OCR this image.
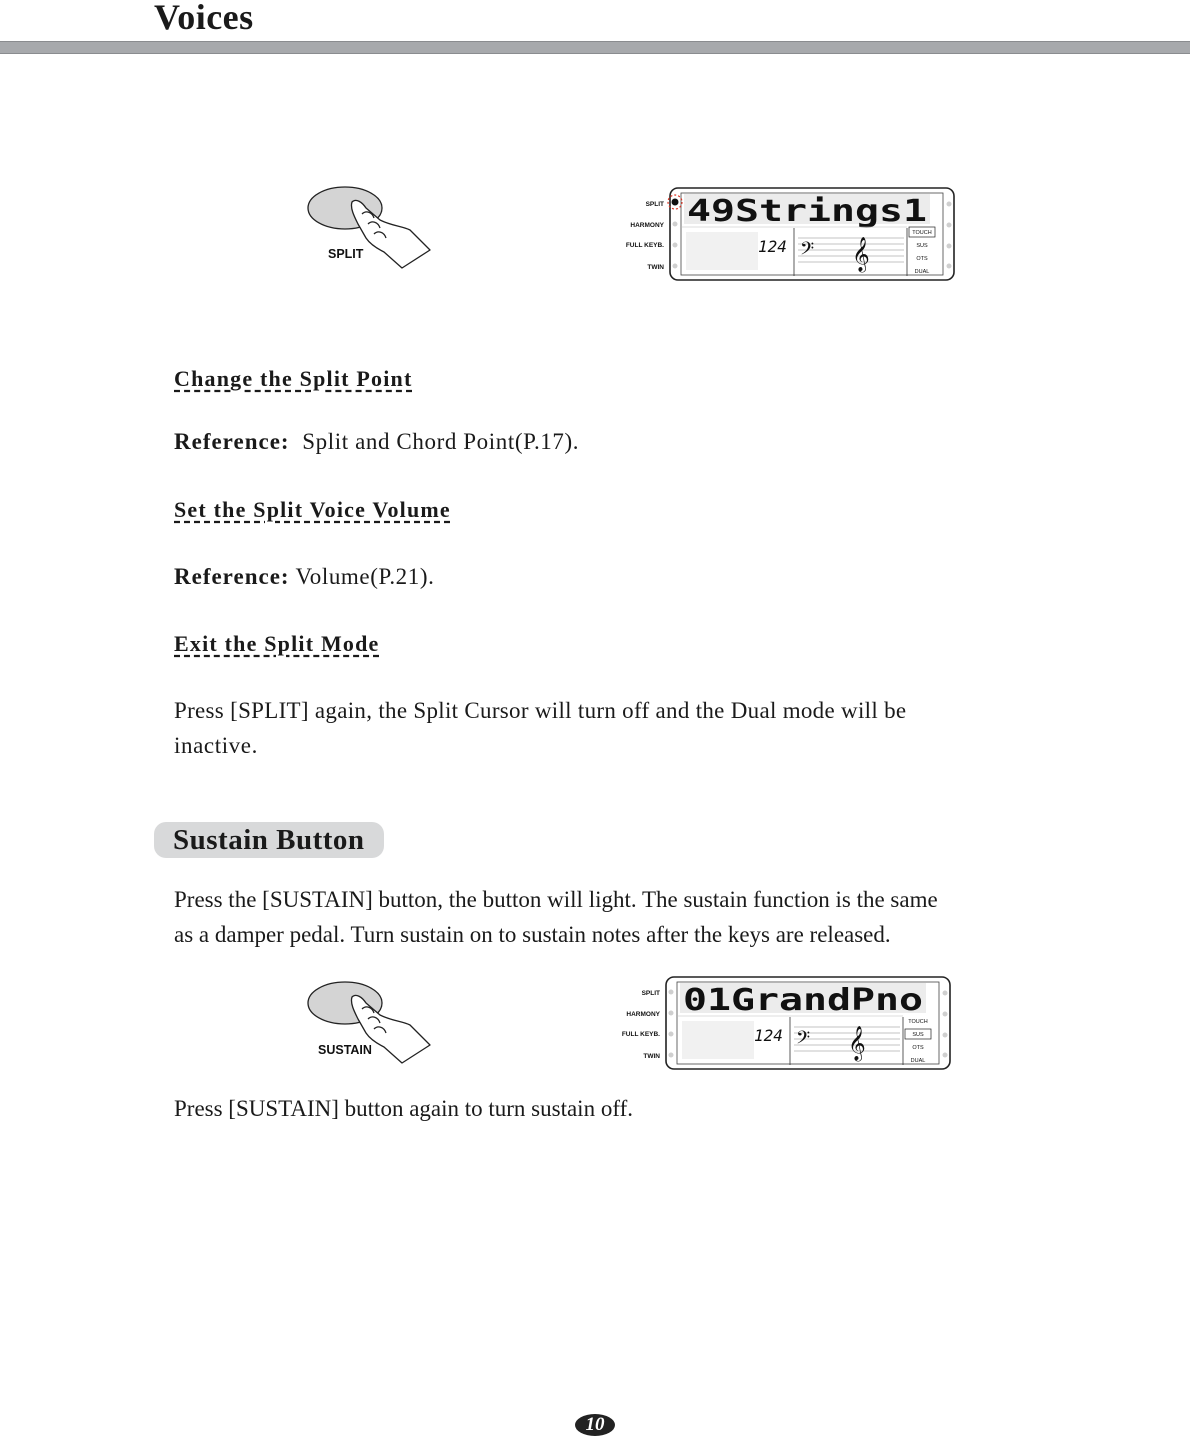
Voices
SPLIT
SPLIT
HARMONY
FULL KEYB.
TWIN
49Strings1
124 𝄢 𝄞
TOUCH
SUS
OTS
DUAL
Change the Split Point

Reference: Split and Chord Point(P.17).

Set the Split Voice Volume

Reference: Volume(P.21).

Exit the Split Mode

Press [SPLIT] again, the Split Cursor will turn off and the Dual mode will be

inactive.

Sustain Button

Press the [SUSTAIN] button, the button will light. The sustain function is the same

as a damper pedal. Turn sustain on to sustain notes after the keys are released.

SUSTAIN
SPLIT
HARMONY
FULL KEYB.
TWIN
01GrandPno
124 𝄢 𝄞
TOUCH
SUS
OTS
DUAL

Press [SUSTAIN] button again to turn sustain off.

10
